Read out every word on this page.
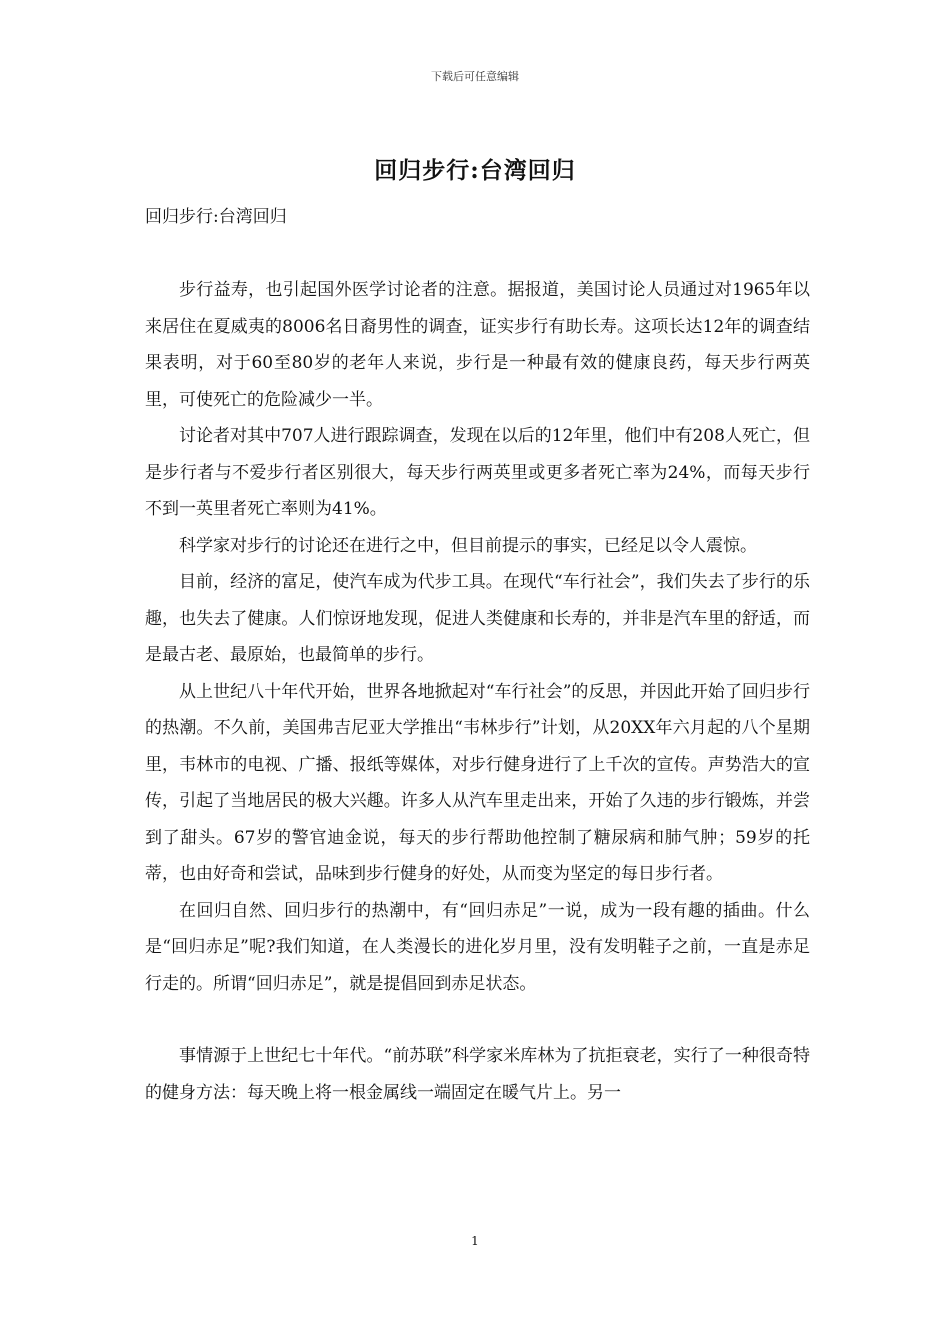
下载后可任意编辑
回归步行:台湾回归
回归步行:台湾回归

步行益寿，也引起国外医学讨论者的注意。据报道，美国讨论人员通过对1965年以来居住在夏威夷的8006名日裔男性的调查，证实步行有助长寿。这项长达12年的调查结果表明，对于60至80岁的老年人来说，步行是一种最有效的健康良药，每天步行两英里，可使死亡的危险减少一半。

讨论者对其中707人进行跟踪调查，发现在以后的12年里，他们中有208人死亡，但是步行者与不爱步行者区别很大，每天步行两英里或更多者死亡率为24%，而每天步行不到一英里者死亡率则为41%。

科学家对步行的讨论还在进行之中，但目前提示的事实，已经足以令人震惊。

目前，经济的富足，使汽车成为代步工具。在现代“车行社会”，我们失去了步行的乐趣，也失去了健康。人们惊讶地发现，促进人类健康和长寿的，并非是汽车里的舒适，而是最古老、最原始，也最简单的步行。

从上世纪八十年代开始，世界各地掀起对“车行社会”的反思，并因此开始了回归步行的热潮。不久前，美国弗吉尼亚大学推出“韦林步行”计划，从20XX年六月起的八个星期里，韦林市的电视、广播、报纸等媒体，对步行健身进行了上千次的宣传。声势浩大的宣传，引起了当地居民的极大兴趣。许多人从汽车里走出来，开始了久违的步行锻炼，并尝到了甜头。67岁的警官迪金说，每天的步行帮助他控制了糖尿病和肺气肿；59岁的托蒂，也由好奇和尝试，品味到步行健身的好处，从而变为坚定的每日步行者。

在回归自然、回归步行的热潮中，有“回归赤足”一说，成为一段有趣的插曲。什么是“回归赤足”呢?我们知道，在人类漫长的进化岁月里，没有发明鞋子之前，一直是赤足行走的。所谓“回归赤足”，就是提倡回到赤足状态。

事情源于上世纪七十年代。“前苏联”科学家米库林为了抗拒衰老，实行了一种很奇特的健身方法：每天晚上将一根金属线一端固定在暖气片上。另一

1
